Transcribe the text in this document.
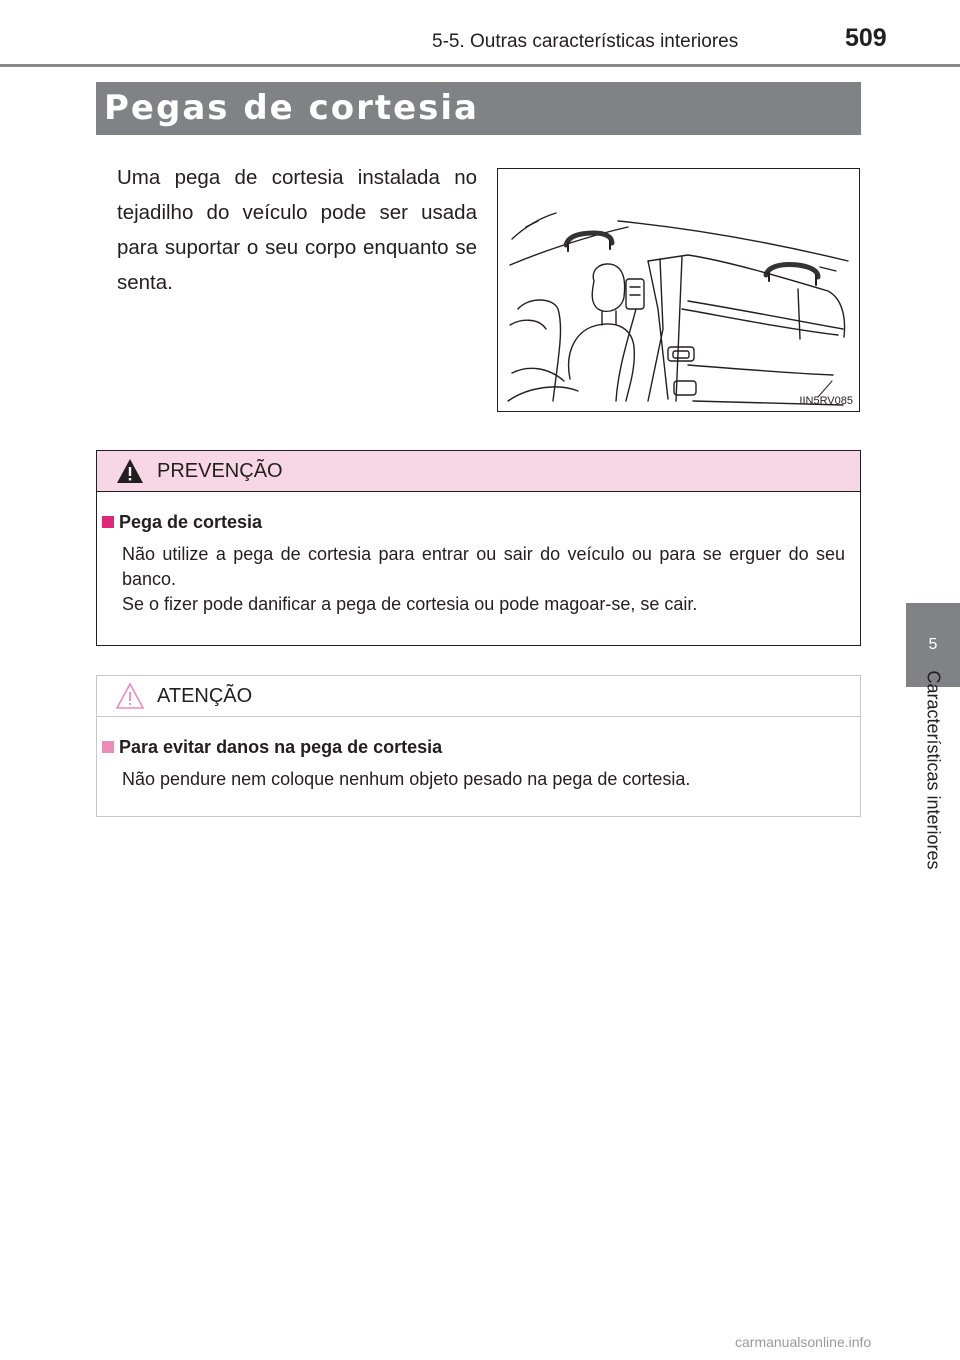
5-5. Outras características interiores	509
5
Características interiores
Pegas de cortesia
Uma pega de cortesia instalada no tejadilho do veículo pode ser usada para suportar o seu corpo enquanto se senta.
IIN5RV085
PREVENÇÃO
Pega de cortesia

Não utilize a pega de cortesia para entrar ou sair do veículo ou para se erguer do seu banco.

Se o fizer pode danificar a pega de cortesia ou pode magoar-se, se cair.

ATENÇÃO
Para evitar danos na pega de cortesia

Não pendure nem coloque nenhum objeto pesado na pega de cortesia.

carmanualsonline.info
